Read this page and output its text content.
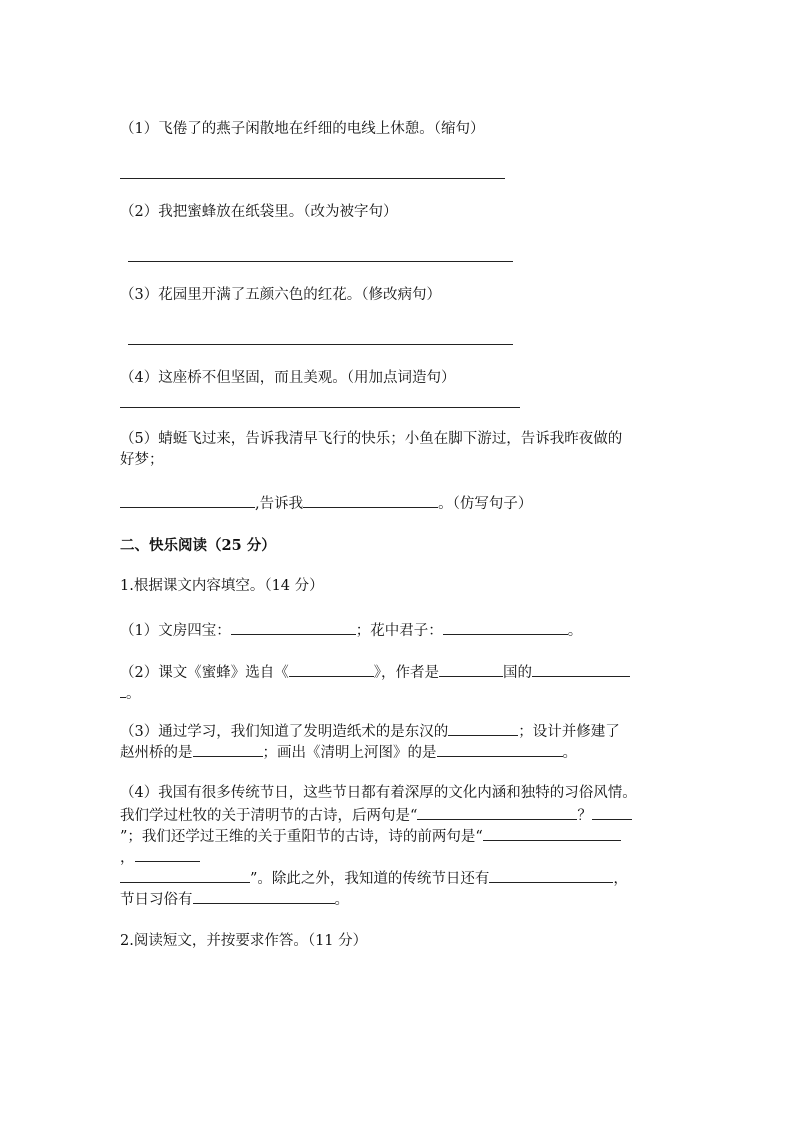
（1）飞倦了的燕子闲散地在纤细的电线上休憩。（缩句）
（2）我把蜜蜂放在纸袋里。（改为被字句）
（3）花园里开满了五颜六色的红花。（修改病句）
（4）这座桥不但坚固，而且美观。（用加点词造句）
（5）蜻蜓飞过来，告诉我清早飞行的快乐；小鱼在脚下游过，告诉我昨夜做的
好梦；
,告诉我	。（仿写句子）
二、快乐阅读（25 分）
1.根据课文内容填空。（14 分）
（1）文房四宝：	；花中君子：	。
（2）课文《蜜蜂》选自《	》，作者是	国的
。
（3）通过学习，我们知道了发明造纸术的是东汉的	；设计并修建了
赵州桥的是	；画出《清明上河图》的是	。
（4）我国有很多传统节日，这些节日都有着深厚的文化内涵和独特的习俗风情。
我们学过杜牧的关于清明节的古诗，后两句是“	？
”；我们还学过王维的关于重阳节的古诗，诗的前两句是“
，
”。除此之外，我知道的传统节日还有	，
节日习俗有	。
2.阅读短文，并按要求作答。（11 分）
